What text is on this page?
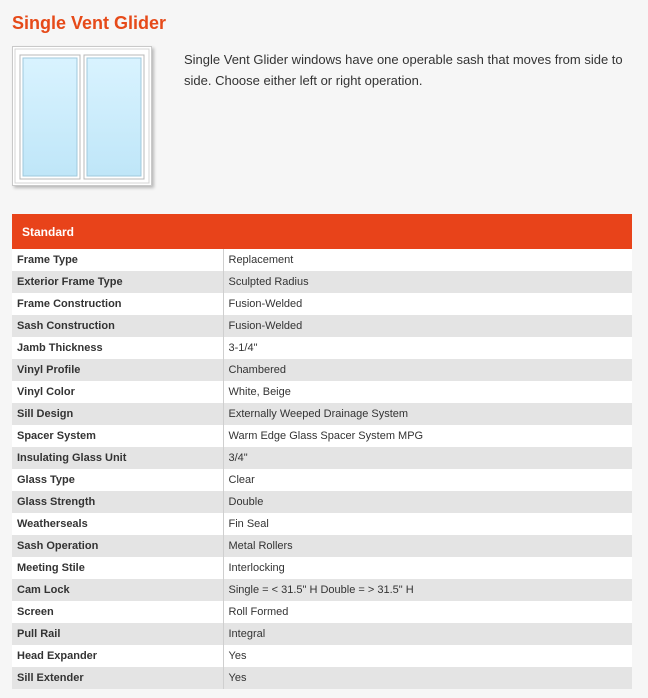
Single Vent Glider

Single Vent Glider windows have one operable sash that moves from side to side. Choose either left or right operation.

Standard	
Frame Type	Replacement
Exterior Frame Type	Sculpted Radius
Frame Construction	Fusion-Welded
Sash Construction	Fusion-Welded
Jamb Thickness	3-1/4"
Vinyl Profile	Chambered
Vinyl Color	White, Beige
Sill Design	Externally Weeped Drainage System
Spacer System	Warm Edge Glass Spacer System MPG
Insulating Glass Unit	3/4"
Glass Type	Clear
Glass Strength	Double
Weatherseals	Fin Seal
Sash Operation	Metal Rollers
Meeting Stile	Interlocking
Cam Lock	Single = < 31.5" H Double = > 31.5" H
Screen	Roll Formed
Pull Rail	Integral
Head Expander	Yes
Sill Extender	Yes
